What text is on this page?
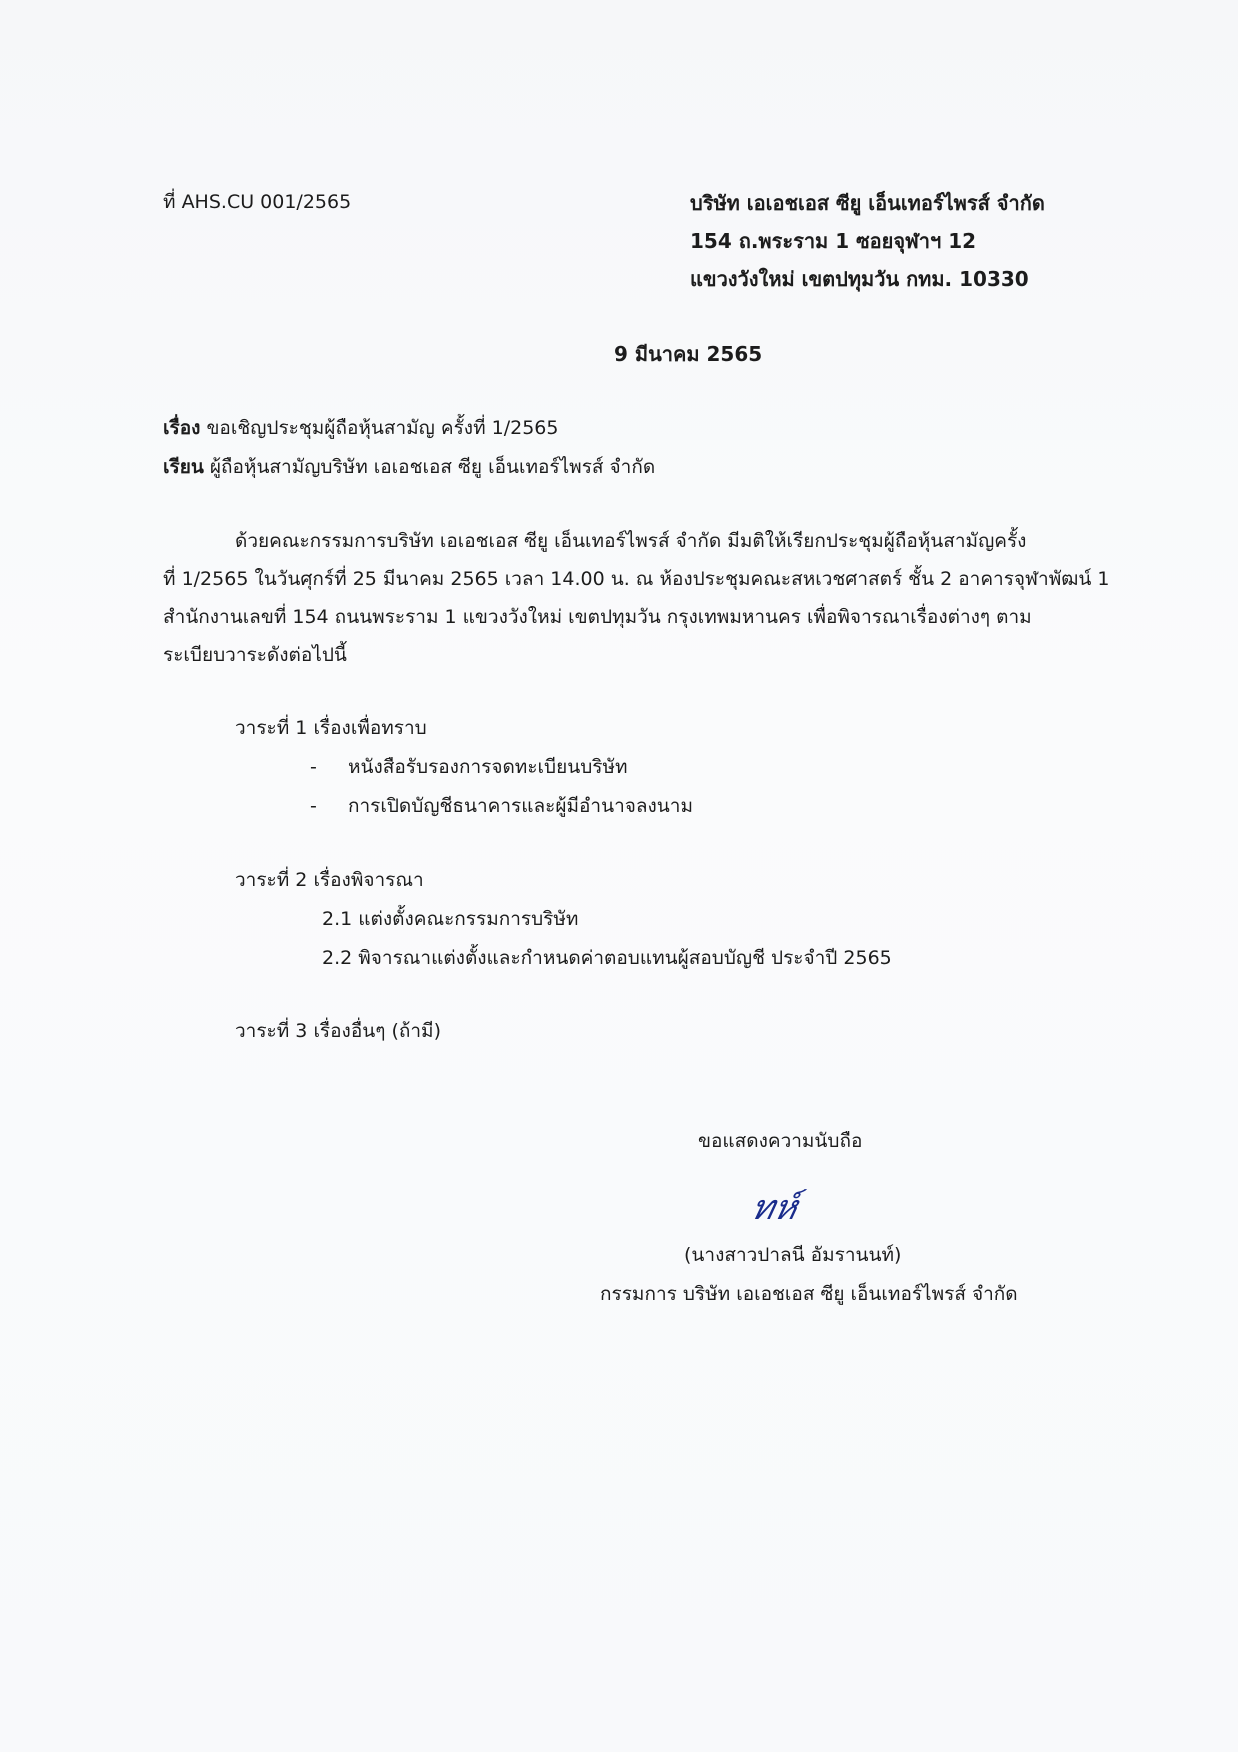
ที่ AHS.CU 001/2565	บริษัท เอเอชเอส ซียู เอ็นเทอร์ไพรส์ จำกัด
154 ถ.พระราม 1 ซอยจุฬาฯ 12
แขวงวังใหม่ เขตปทุมวัน กทม. 10330
9 มีนาคม 2565
เรื่อง ขอเชิญประชุมผู้ถือหุ้นสามัญ ครั้งที่ 1/2565
เรียน ผู้ถือหุ้นสามัญบริษัท เอเอชเอส ซียู เอ็นเทอร์ไพรส์ จำกัด
ด้วยคณะกรรมการบริษัท เอเอชเอส ซียู เอ็นเทอร์ไพรส์ จำกัด มีมติให้เรียกประชุมผู้ถือหุ้นสามัญครั้ง
ที่ 1/2565 ในวันศุกร์ที่ 25 มีนาคม 2565 เวลา 14.00 น. ณ ห้องประชุมคณะสหเวชศาสตร์ ชั้น 2 อาคารจุฬาพัฒน์ 1
สำนักงานเลขที่ 154 ถนนพระราม 1 แขวงวังใหม่ เขตปทุมวัน กรุงเทพมหานคร เพื่อพิจารณาเรื่องต่างๆ ตาม
ระเบียบวาระดังต่อไปนี้
วาระที่ 1 เรื่องเพื่อทราบ
- หนังสือรับรองการจดทะเบียนบริษัท
- การเปิดบัญชีธนาคารและผู้มีอำนาจลงนาม
วาระที่ 2 เรื่องพิจารณา
2.1 แต่งตั้งคณะกรรมการบริษัท
2.2 พิจารณาแต่งตั้งและกำหนดค่าตอบแทนผู้สอบบัญชี ประจำปี 2565
วาระที่ 3 เรื่องอื่นๆ (ถ้ามี)
ขอแสดงความนับถือ
ทห์
(นางสาวปาลนี อัมรานนท์)
กรรมการ บริษัท เอเอชเอส ซียู เอ็นเทอร์ไพรส์ จำกัด
